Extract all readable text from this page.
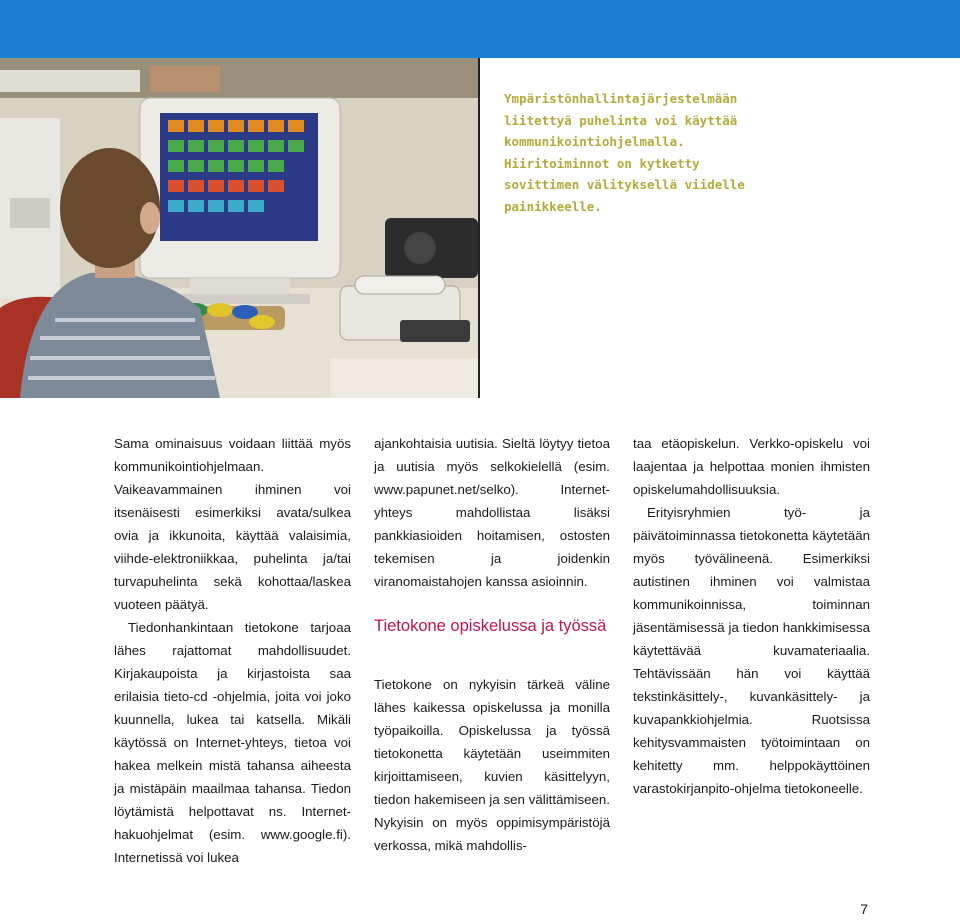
Ympäristönhallintajärjestelmään
liitettyä puhelinta voi käyttää
kommunikointiohjelmalla.
Hiiritoiminnot on kytketty
sovittimen välityksellä viidelle
painikkeelle.

Sama ominaisuus voidaan liittää myös kommunikointiohjelmaan. Vaikeavammainen ihminen voi itsenäisesti esimerkiksi avata/sulkea ovia ja ikkunoita, käyttää valaisimia, viihde-elektroniikkaa, puhelinta ja/tai turvapuhelinta sekä kohottaa/laskea vuoteen päätyä.

Tiedonhankintaan tietokone tarjoaa lähes rajattomat mahdollisuudet. Kirjakaupoista ja kirjastoista saa erilaisia tieto-cd -ohjelmia, joita voi joko kuunnella, lukea tai katsella. Mikäli käytössä on Internet-yhteys, tietoa voi hakea melkein mistä tahansa aiheesta ja mistäpäin maailmaa tahansa. Tiedon löytämistä helpottavat ns. Internet-hakuohjelmat (esim. www.google.fi). Internetissä voi lukea

ajankohtaisia uutisia. Sieltä löytyy tietoa ja uutisia myös selkokielellä (esim. www.papunet.net/selko). Internet-yhteys mahdollistaa lisäksi pankkiasioiden hoitamisen, ostosten tekemisen ja joidenkin viranomaistahojen kanssa asioinnin.

Tietokone opiskelussa ja työssä

Tietokone on nykyisin tärkeä väline lähes kaikessa opiskelussa ja monilla työpaikoilla. Opiskelussa ja työssä tietokonetta käytetään useimmiten kirjoittamiseen, kuvien käsittelyyn, tiedon hakemiseen ja sen välittämiseen. Nykyisin on myös oppimisympäristöjä verkossa, mikä mahdollis-

taa etäopiskelun. Verkko-opiskelu voi laajentaa ja helpottaa monien ihmisten opiskelumahdollisuuksia.

Erityisryhmien työ- ja päivätoiminnassa tietokonetta käytetään myös työvälineenä. Esimerkiksi autistinen ihminen voi valmistaa kommunikoinnissa, toiminnan jäsentämisessä ja tiedon hankkimisessa käytettävää kuvamateriaalia. Tehtävissään hän voi käyttää tekstinkäsittely-, kuvankäsittely- ja kuvapankkiohjelmia. Ruotsissa kehitysvammaisten työtoimintaan on kehitetty mm. helppokäyttöinen varastokirjanpito-ohjelma tietokoneelle.

7
